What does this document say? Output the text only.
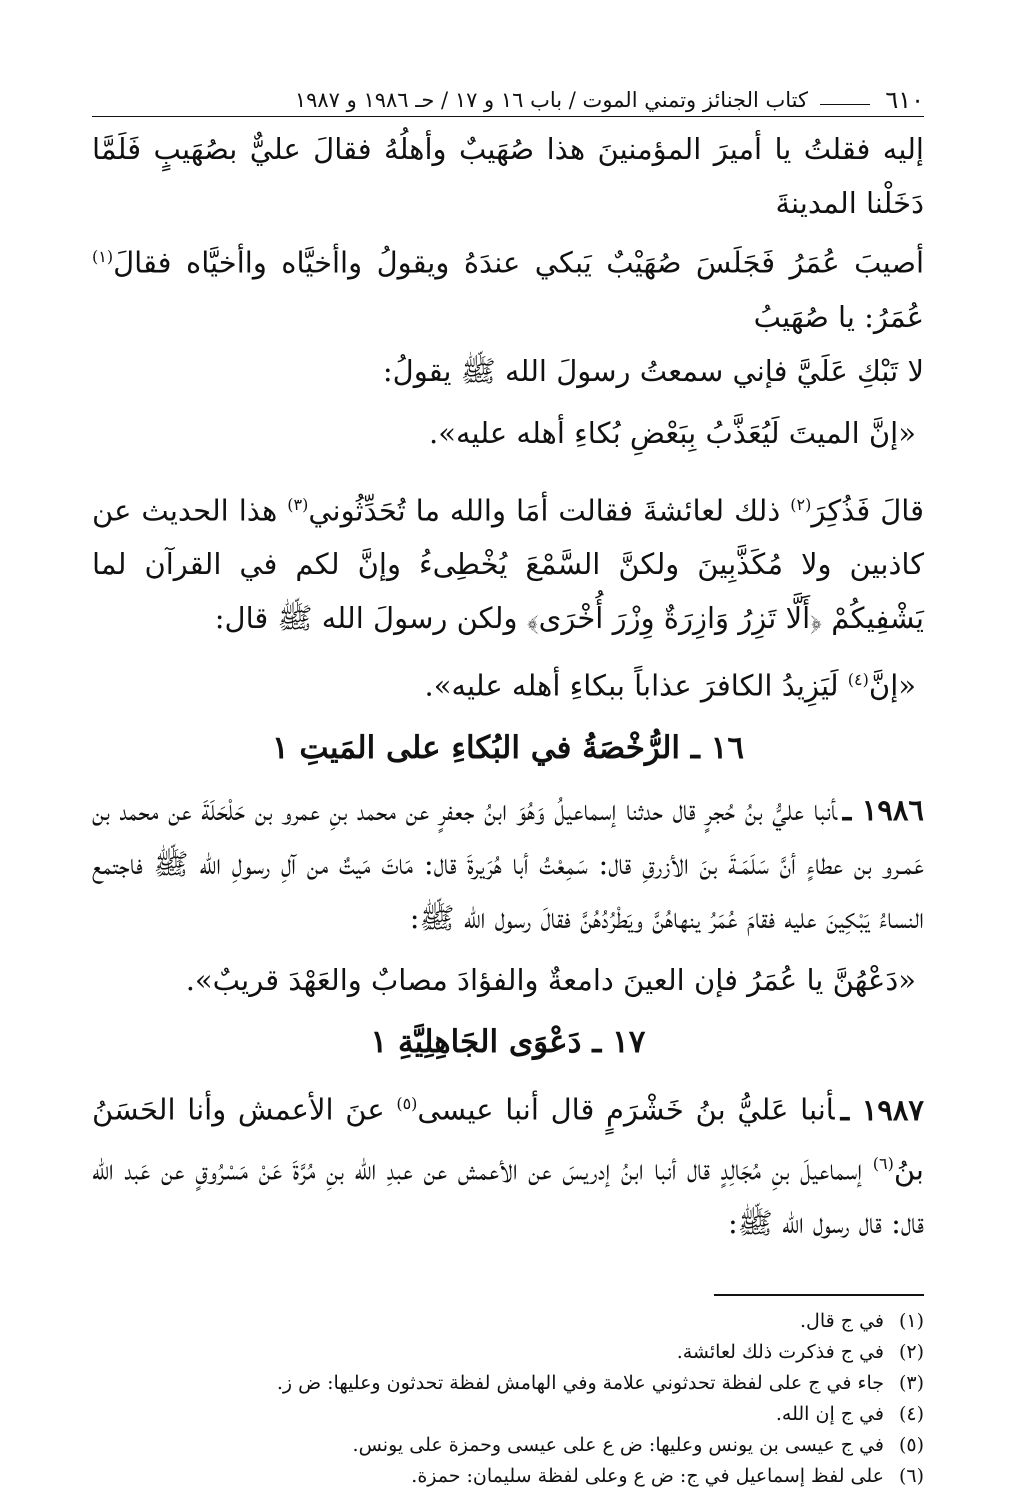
٦١٠
كتاب الجنائز وتمني الموت / باب ١٦ و ١٧ / حـ ١٩٨٦ و ١٩٨٧

إليه فقلتُ يا أميرَ المؤمنينَ هذا صُهَيبٌ وأهلُهُ فقالَ عليٌّ بصُهَيبٍ فَلَمَّا دَخَلْنا المدينةَ

أصيبَ عُمَرُ فَجَلَسَ صُهَيْبٌ يَبكي عندَهُ ويقولُ واأخيَّاه واأخيَّاه فقالَ$^{(١)}$ عُمَرُ: يا صُهَيبُ

لا تَبْكِ عَلَيَّ فإني سمعتُ رسولَ الله ﷺ يقولُ:

«إنَّ الميتَ لَيُعَذَّبُ بِبَعْضِ بُكاءِ أهله عليه».

قالَ فَذُكِرَ$^{(٢)}$ ذلك لعائشةَ فقالت أمَا والله ما تُحَدِّثُوني$^{(٣)}$ هذا الحديث عن كاذبين ولا مُكَذَّبِينَ ولكنَّ السَّمْعَ يُخْطِىءُ وإنَّ لكم في القرآن لما يَشْفِيكُمْ ﴿أَلَّا تَزِرُ وَازِرَةٌ وِزْرَ أُخْرَى﴾ ولكن رسولَ الله ﷺ قال:

«إنَّ$^{(٤)}$ لَيَزِيدُ الكافرَ عذاباً ببكاءِ أهله عليه».

١٦ ـ الرُّخْصَةُ في البُكاءِ على المَيتِ ١

١٩٨٦ ـأنبا عليُّ بنُ حُجرٍ قال حدثنا إسماعيلُ وَهُوَ ابنُ جعفرٍ عن محمد بنِ عمرو بن حَلْحَلَةَ عن محمد بن عَمـرو بن عطاءٍ أنَّ سَلَمَـةَ بنَ الأزرقِ قال: سَمِعْتُ أبا هُرَيرةَ قال: مَاتَ مَيتٌ من آلِ رسولِ الله ﷺ فاجتمع النساءُ يَبْكِينَ عليه فقامَ عُمَرُ ينهاهُنَّ ويَطْرُدُهُنَّ فقالَ رسول الله ﷺ:

«دَعْهُنَّ يا عُمَرُ فإن العينَ دامعةٌ والفؤادَ مصابٌ والعَهْدَ قريبٌ».

١٧ ـ دَعْوَى الجَاهِلِيَّةِ ١

١٩٨٧ ـأنبا عَليُّ بنُ خَشْرَمٍ قال أنبا عيسى$^{(٥)}$ عنَ الأعمش وأنا الحَسَنُ بنُ$^{(٦)}$ إسماعيلَ بنِ مُجَالِدٍ قال أنبا ابنُ إدريسَ عن الأعمش عن عبدِ الله بنِ مُرَّةَ عَنْ مَسْرُوقٍ عن عَبد الله قال: قال رسول الله ﷺ:

(١)في ج قال.
(٢)في ج فذكرت ذلك لعائشة.
(٣)جاء في ج على لفظة تحدثوني علامة وفي الهامش لفظة تحدثون وعليها: ض ز.
(٤)في ج إن الله.
(٥)في ج عيسى بن يونس وعليها: ض ع على عيسى وحمزة على يونس.
(٦)على لفظ إسماعيل في ج: ض ع وعلى لفظة سليمان: حمزة.
